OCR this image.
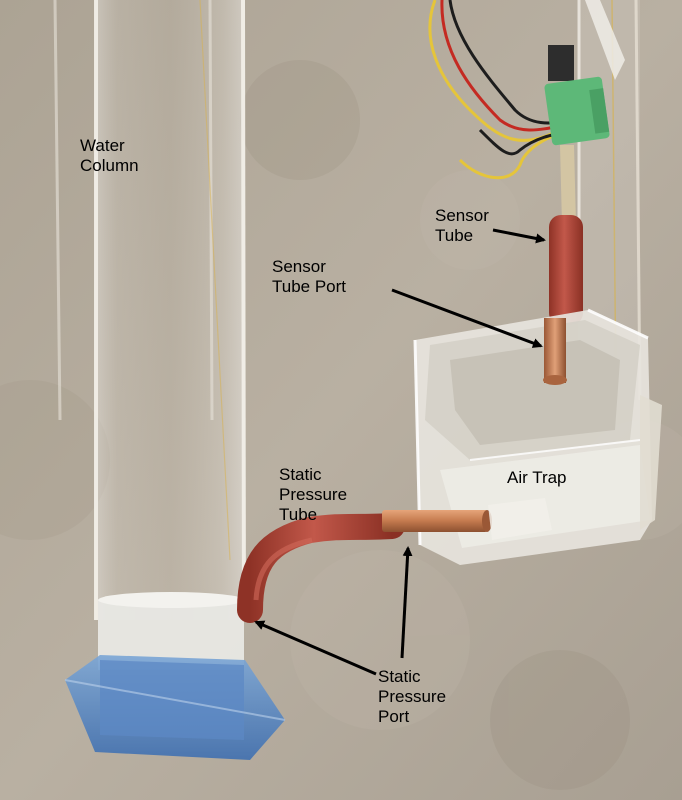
Water
Column
Sensor
Tube
Sensor
Tube Port
Air Trap
Static
Pressure
Tube
Static
Pressure
Port
